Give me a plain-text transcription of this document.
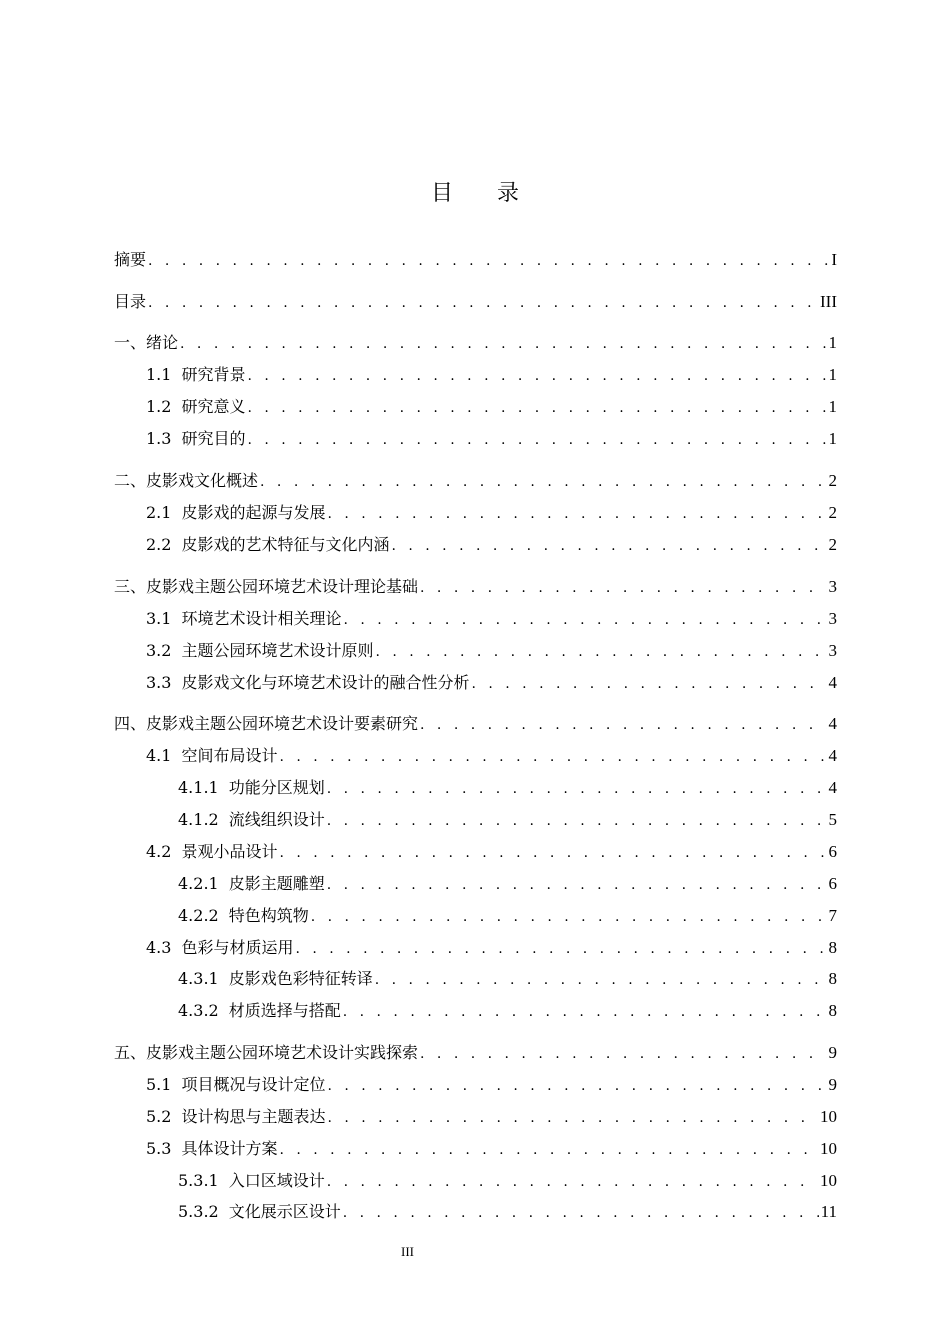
目 录
摘要 . . .	I
目录 . . .	III
一、绪论 . . .	1
1.1 研究背景 . . .	1
1.2 研究意义 . . .	1
1.3 研究目的 . . .	1
二、皮影戏文化概述 . . .	2
2.1 皮影戏的起源与发展 . . .	2
2.2 皮影戏的艺术特征与文化内涵 . . .	2
三、皮影戏主题公园环境艺术设计理论基础 . . .	3
3.1 环境艺术设计相关理论 . . .	3
3.2 主题公园环境艺术设计原则 . . .	3
3.3 皮影戏文化与环境艺术设计的融合性分析 . . .	4
四、皮影戏主题公园环境艺术设计要素研究 . . .	4
4.1 空间布局设计 . . .	4
4.1.1 功能分区规划 . . .	4
4.1.2 流线组织设计 . . .	5
4.2 景观小品设计 . . .	6
4.2.1 皮影主题雕塑 . . .	6
4.2.2 特色构筑物 . . .	7
4.3 色彩与材质运用 . . .	8
4.3.1 皮影戏色彩特征转译 . . .	8
4.3.2 材质选择与搭配 . . .	8
五、皮影戏主题公园环境艺术设计实践探索 . . .	9
5.1 项目概况与设计定位 . . .	9
5.2 设计构思与主题表达 . . .	10
5.3 具体设计方案 . . .	10
5.3.1 入口区域设计 . . .	10
5.3.2 文化展示区设计 . . .	11
III
